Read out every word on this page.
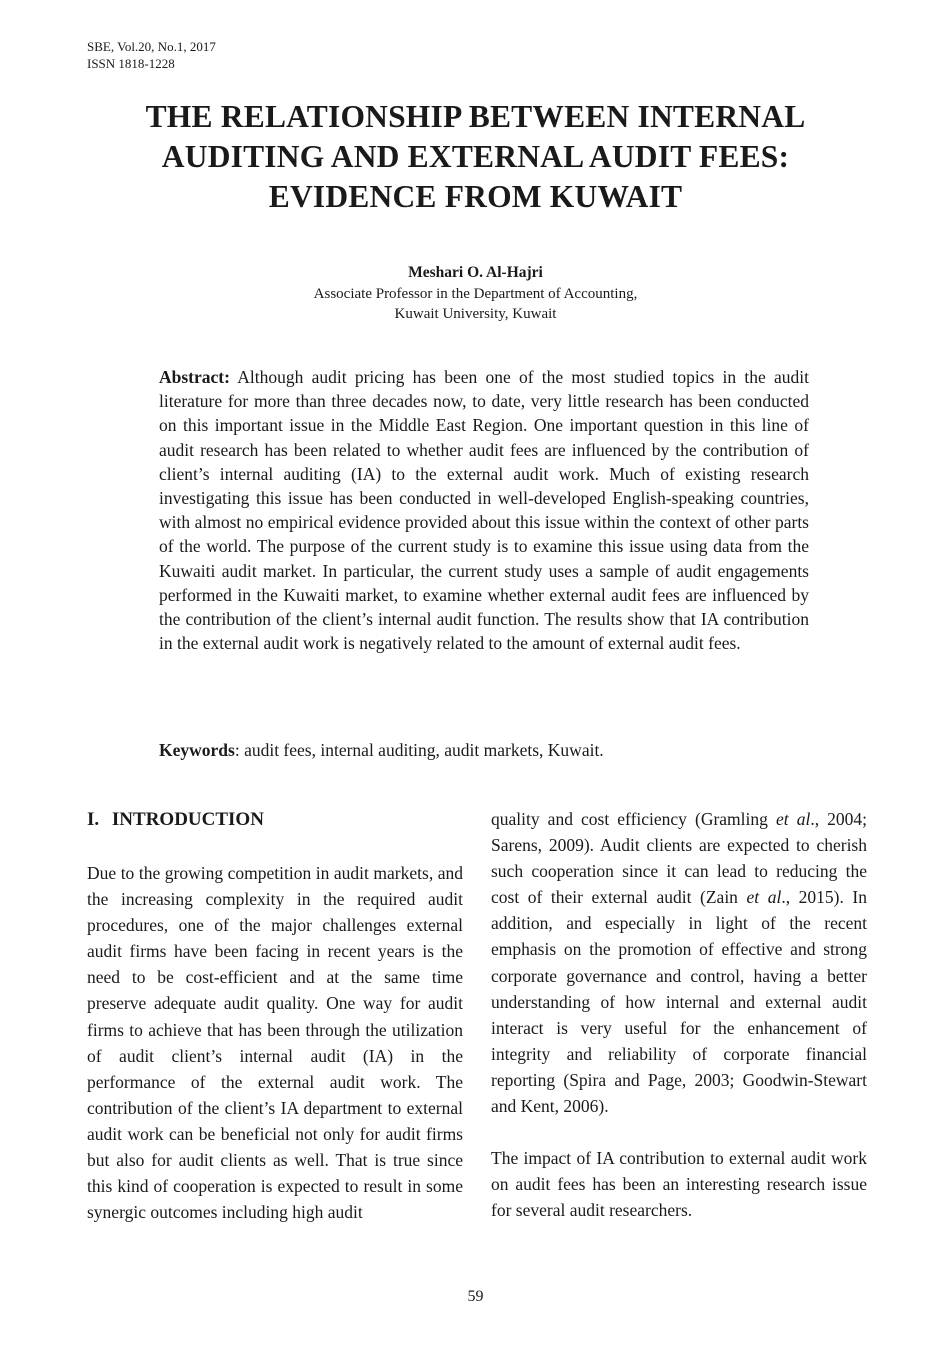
SBE, Vol.20, No.1, 2017
ISSN 1818-1228
THE RELATIONSHIP BETWEEN INTERNAL
AUDITING AND EXTERNAL AUDIT FEES:
EVIDENCE FROM KUWAIT
Meshari O. Al-Hajri
Associate Professor in the Department of Accounting,
Kuwait University, Kuwait
Abstract: Although audit pricing has been one of the most studied topics in the audit literature for more than three decades now, to date, very little research has been conducted on this important issue in the Middle East Region. One important question in this line of audit research has been related to whether audit fees are influenced by the contribution of client’s internal auditing (IA) to the external audit work. Much of existing research investigating this issue has been conducted in well-developed English-speaking countries, with almost no empirical evidence provided about this issue within the context of other parts of the world. The purpose of the current study is to examine this issue using data from the Kuwaiti audit market. In particular, the current study uses a sample of audit engagements performed in the Kuwaiti market, to examine whether external audit fees are influenced by the contribution of the client’s internal audit function. The results show that IA contribution in the external audit work is negatively related to the amount of external audit fees.
Keywords: audit fees, internal auditing, audit markets, Kuwait.
I. INTRODUCTION
Due to the growing competition in audit markets, and the increasing complexity in the required audit procedures, one of the major challenges external audit firms have been facing in recent years is the need to be cost-efficient and at the same time preserve adequate audit quality. One way for audit firms to achieve that has been through the utilization of audit client’s internal audit (IA) in the performance of the external audit work. The contribution of the client’s IA department to external audit work can be beneficial not only for audit firms but also for audit clients as well. That is true since this kind of cooperation is expected to result in some synergic outcomes including high audit
quality and cost efficiency (Gramling et al., 2004; Sarens, 2009). Audit clients are expected to cherish such cooperation since it can lead to reducing the cost of their external audit (Zain et al., 2015). In addition, and especially in light of the recent emphasis on the promotion of effective and strong corporate governance and control, having a better understanding of how internal and external audit interact is very useful for the enhancement of integrity and reliability of corporate financial reporting (Spira and Page, 2003; Goodwin-Stewart and Kent, 2006).
The impact of IA contribution to external audit work on audit fees has been an interesting research issue for several audit researchers.
59
